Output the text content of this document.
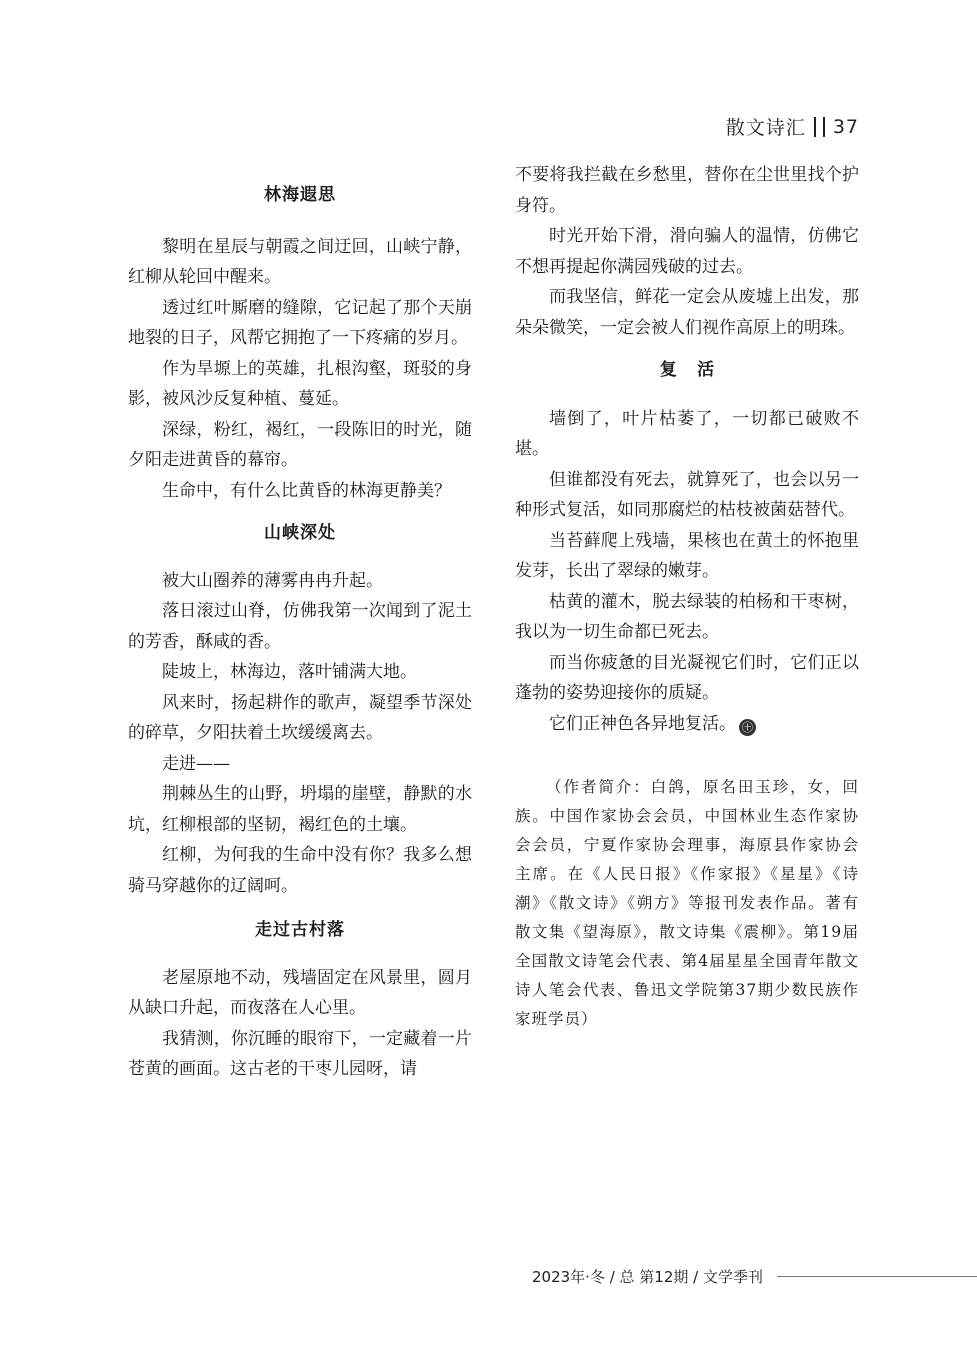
散文诗汇 37
林海遐思

黎明在星辰与朝霞之间迂回，山峡宁静，红柳从轮回中醒来。

透过红叶厮磨的缝隙，它记起了那个天崩地裂的日子，风帮它拥抱了一下疼痛的岁月。

作为旱塬上的英雄，扎根沟壑，斑驳的身影，被风沙反复种植、蔓延。

深绿，粉红，褐红，一段陈旧的时光，随夕阳走进黄昏的幕帘。

生命中，有什么比黄昏的林海更静美？

山峡深处

被大山圈养的薄雾冉冉升起。

落日滚过山脊，仿佛我第一次闻到了泥土的芳香，酥咸的香。

陡坡上，林海边，落叶铺满大地。

风来时，扬起耕作的歌声，凝望季节深处的碎草，夕阳扶着土坎缓缓离去。

走进——

荆棘丛生的山野，坍塌的崖壁，静默的水坑，红柳根部的坚韧，褐红色的土壤。

红柳，为何我的生命中没有你？我多么想骑马穿越你的辽阔呵。

走过古村落

老屋原地不动，残墙固定在风景里，圆月从缺口升起，而夜落在人心里。

我猜测，你沉睡的眼帘下，一定藏着一片苍黄的画面。这古老的干枣儿园呀，请

不要将我拦截在乡愁里，替你在尘世里找个护身符。

时光开始下滑，滑向骗人的温情，仿佛它不想再提起你满园残破的过去。

而我坚信，鲜花一定会从废墟上出发，那朵朵微笑，一定会被人们视作高原上的明珠。

复活

墙倒了，叶片枯萎了，一切都已破败不堪。

但谁都没有死去，就算死了，也会以另一种形式复活，如同那腐烂的枯枝被菌菇替代。

当苔藓爬上残墙，果核也在黄土的怀抱里发芽，长出了翠绿的嫩芽。

枯黄的灌木，脱去绿装的柏杨和干枣树，我以为一切生命都已死去。

而当你疲惫的目光凝视它们时，它们正以蓬勃的姿势迎接你的质疑。

它们正神色各异地复活。 ㊉

（作者简介：白鸽，原名田玉珍，女，回族。中国作家协会会员，中国林业生态作家协会会员，宁夏作家协会理事，海原县作家协会主席。在《人民日报》《作家报》《星星》《诗潮》《散文诗》《朔方》等报刊发表作品。著有散文集《望海原》，散文诗集《震柳》。第19届全国散文诗笔会代表、第4届星星全国青年散文诗人笔会代表、鲁迅文学院第37期少数民族作家班学员）

2023年·冬 / 总 第12期 / 文学季刊
